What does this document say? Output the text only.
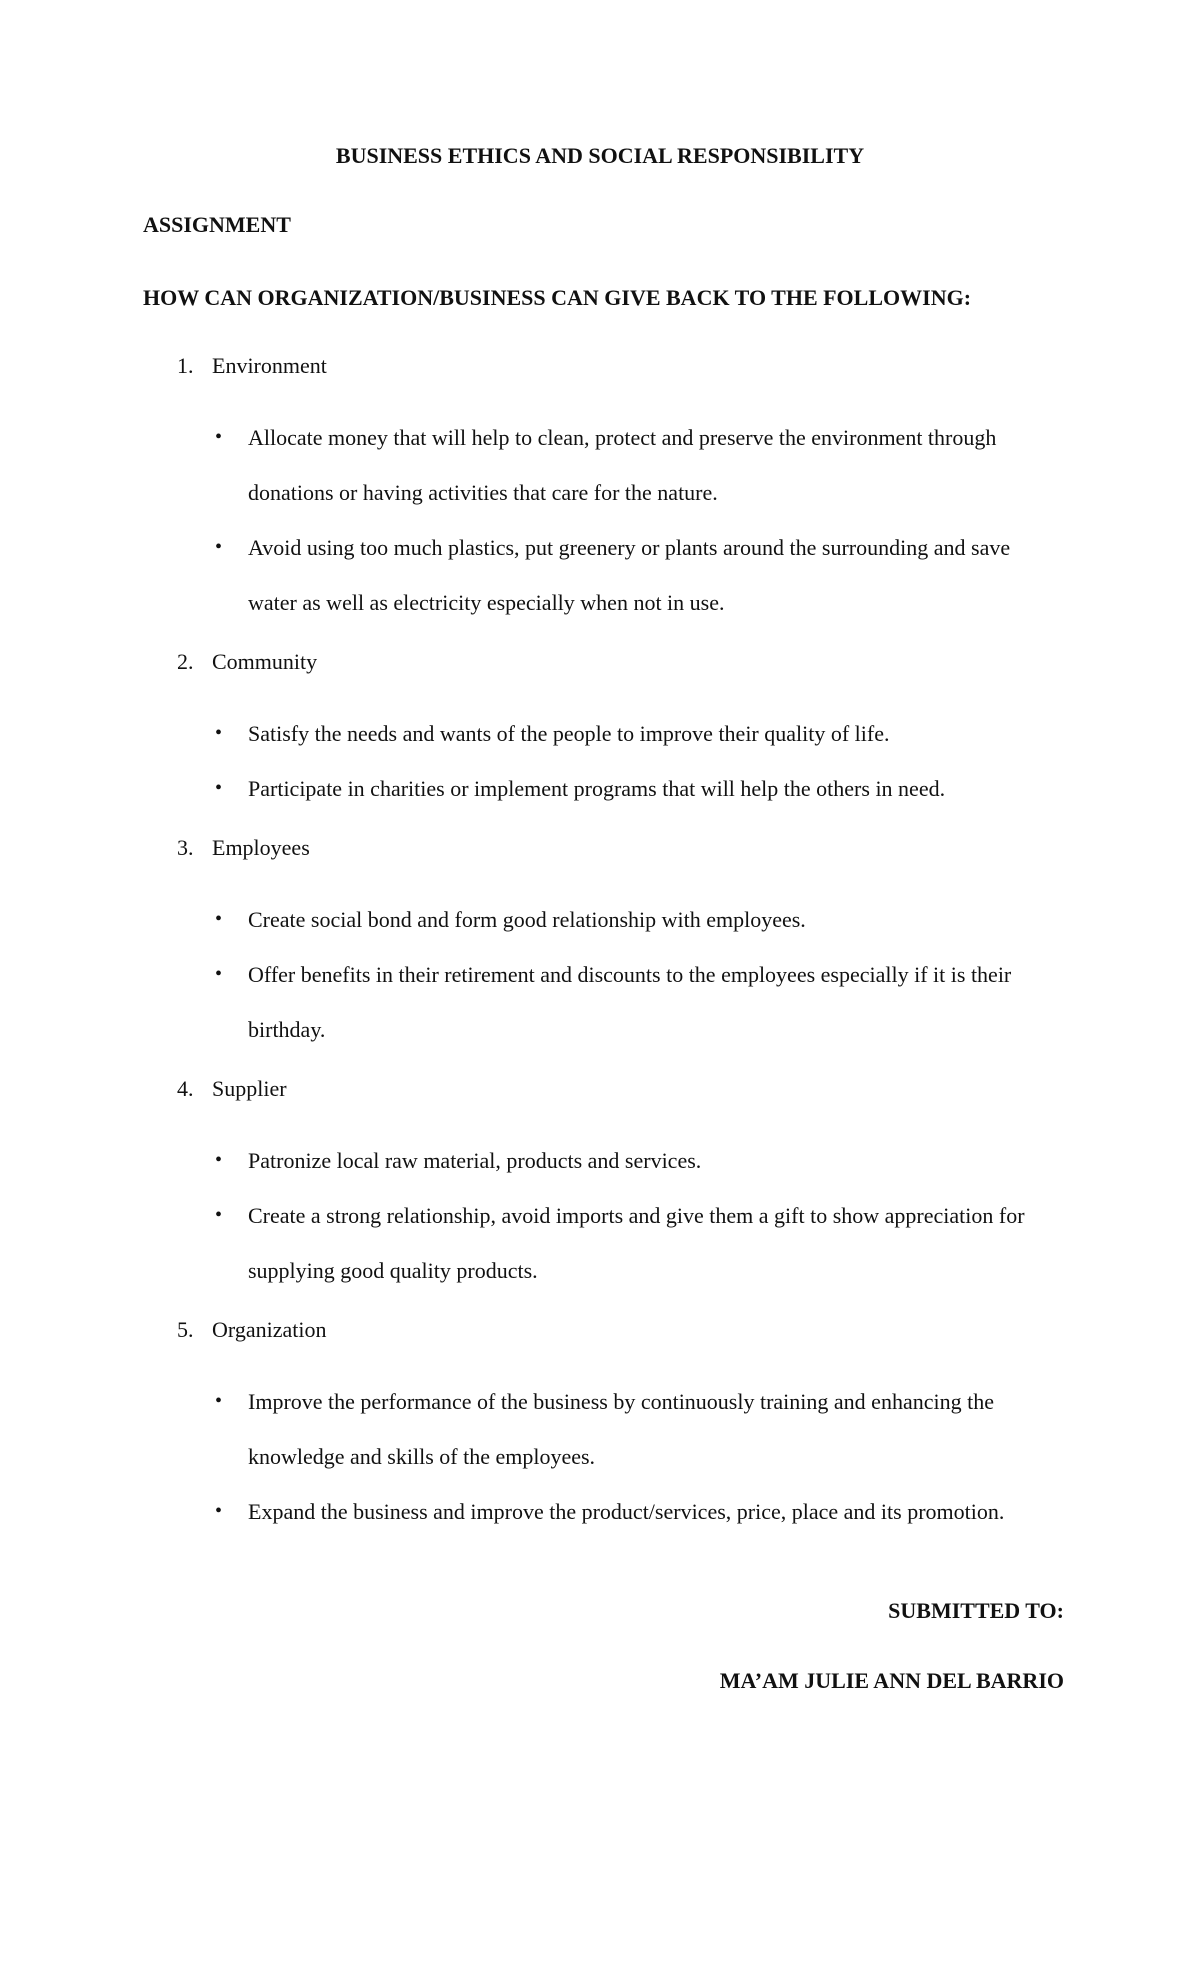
BUSINESS ETHICS AND SOCIAL RESPONSIBILITY
ASSIGNMENT
HOW CAN ORGANIZATION/BUSINESS CAN GIVE BACK TO THE FOLLOWING:
1. Environment
• Allocate money that will help to clean, protect and preserve the environment through donations or having activities that care for the nature.
• Avoid using too much plastics, put greenery or plants around the surrounding and save water as well as electricity especially when not in use.
2. Community
• Satisfy the needs and wants of the people to improve their quality of life.
• Participate in charities or implement programs that will help the others in need.
3. Employees
• Create social bond and form good relationship with employees.
• Offer benefits in their retirement and discounts to the employees especially if it is their birthday.
4. Supplier
• Patronize local raw material, products and services.
• Create a strong relationship, avoid imports and give them a gift to show appreciation for supplying good quality products.
5. Organization
• Improve the performance of the business by continuously training and enhancing the knowledge and skills of the employees.
• Expand the business and improve the product/services, price, place and its promotion.
SUBMITTED TO:
MA’AM JULIE ANN DEL BARRIO
